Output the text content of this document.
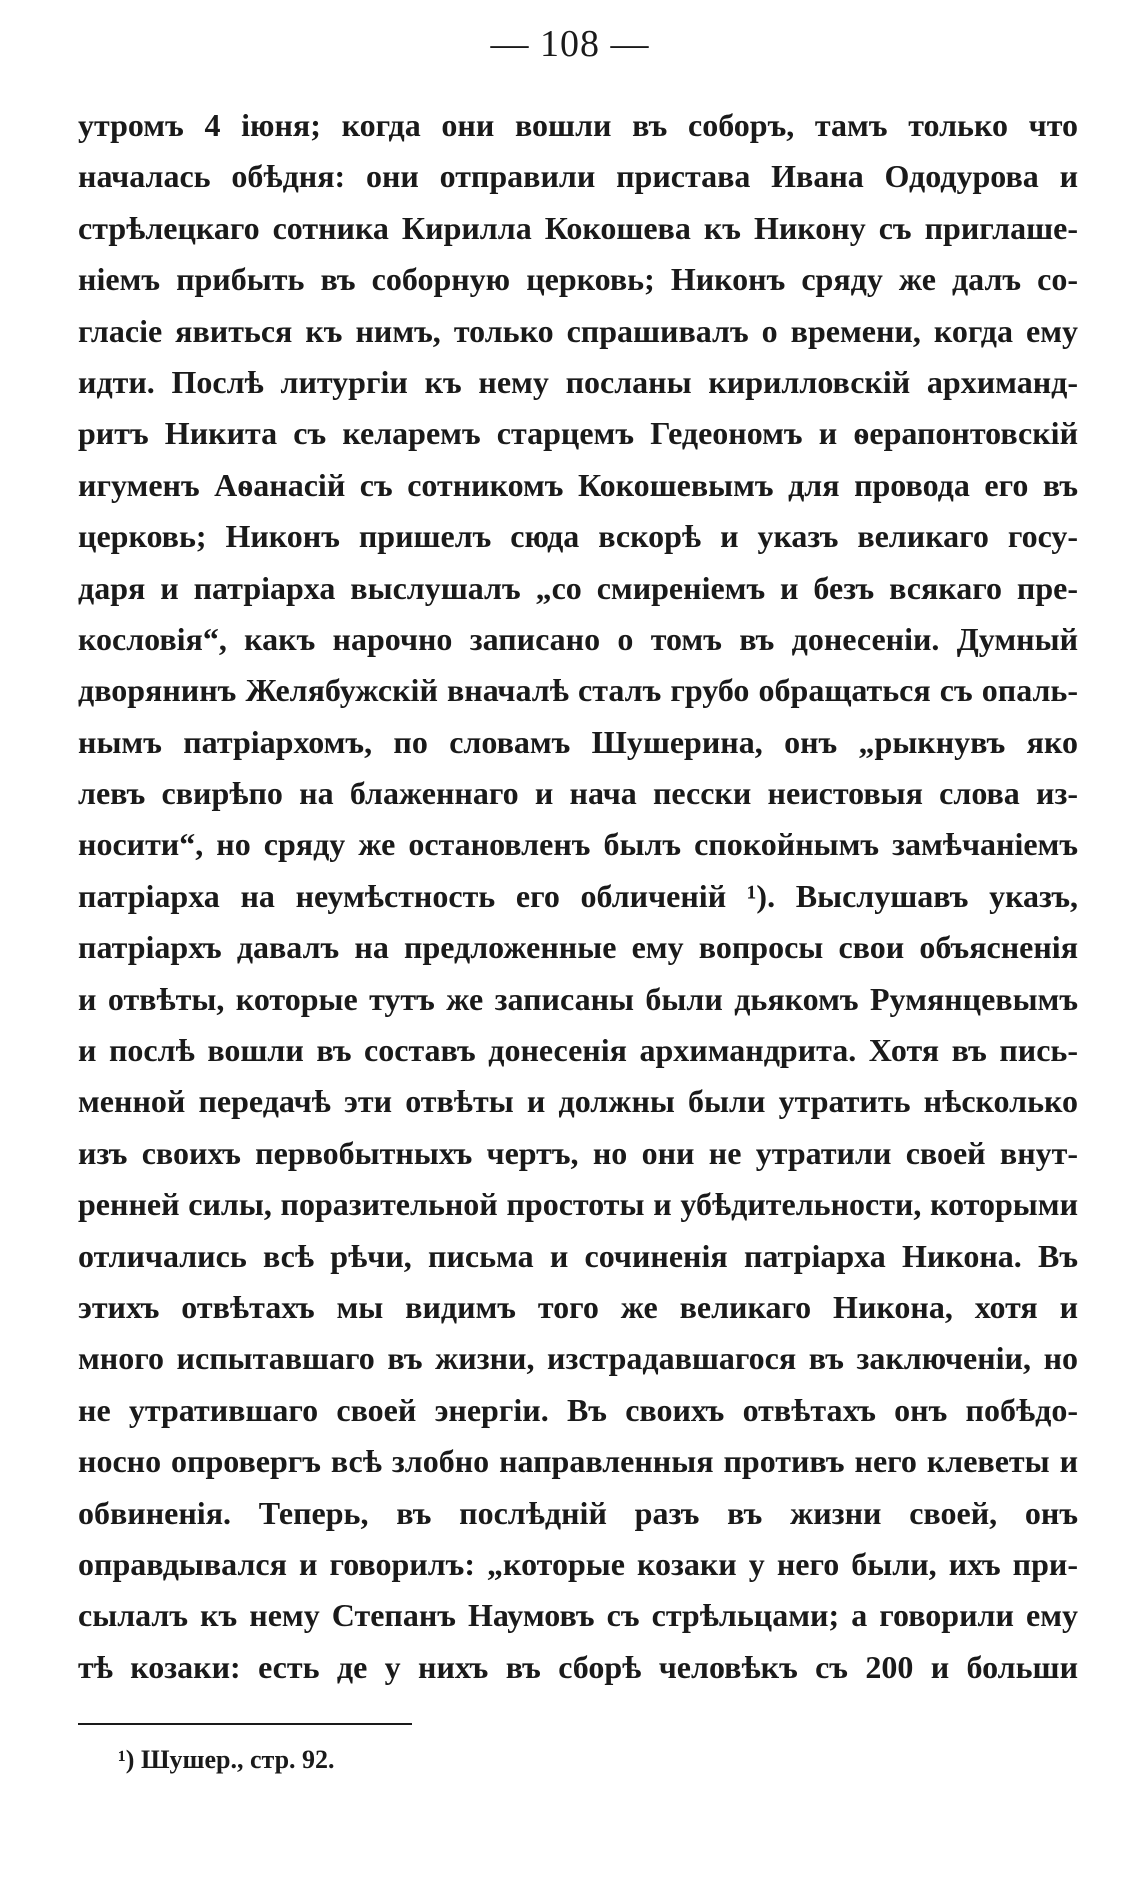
— 108 —
утромъ 4 іюня; когда они вошли въ соборъ, тамъ только что
началась обѣдня: они отправили пристава Ивана Ододурова и
стрѣлецкаго сотника Кирилла Кокошева къ Никону съ приглаше-
ніемъ прибыть въ соборную церковь; Никонъ сряду же далъ со-
гласіе явиться къ нимъ, только спрашивалъ о времени, когда ему
идти. Послѣ литургіи къ нему посланы кирилловскій архиманд-
ритъ Никита съ келаремъ старцемъ Гедеономъ и ѳерапонтовскій
игуменъ Аѳанасій съ сотникомъ Кокошевымъ для провода его въ
церковь; Никонъ пришелъ сюда вскорѣ и указъ великаго госу-
даря и патріарха выслушалъ „со смиреніемъ и безъ всякаго пре-
кословія“, какъ нарочно записано о томъ въ донесеніи. Думный
дворянинъ Желябужскій вначалѣ сталъ грубо обращаться съ опаль-
нымъ патріархомъ, по словамъ Шушерина, онъ „рыкнувъ яко
левъ свирѣпо на блаженнаго и нача песски неистовыя слова из-
носити“, но сряду же остановленъ былъ спокойнымъ замѣчаніемъ
патріарха на неумѣстность его обличеній ¹). Выслушавъ указъ,
патріархъ давалъ на предложенные ему вопросы свои объясненія
и отвѣты, которые тутъ же записаны были дьякомъ Румянцевымъ
и послѣ вошли въ составъ донесенія архимандрита. Хотя въ пись-
менной передачѣ эти отвѣты и должны были утратить нѣсколько
изъ своихъ первобытныхъ чертъ, но они не утратили своей внут-
ренней силы, поразительной простоты и убѣдительности, которыми
отличались всѣ рѣчи, письма и сочиненія патріарха Никона. Въ
этихъ отвѣтахъ мы видимъ того же великаго Никона, хотя и
много испытавшаго въ жизни, изстрадавшагося въ заключеніи, но
не утратившаго своей энергіи. Въ своихъ отвѣтахъ онъ побѣдо-
носно опровергъ всѣ злобно направленныя противъ него клеветы и
обвиненія. Теперь, въ послѣдній разъ въ жизни своей, онъ
оправдывался и говорилъ: „которые козаки у него были, ихъ при-
сылалъ къ нему Степанъ Наумовъ съ стрѣльцами; а говорили ему
тѣ козаки: есть де у нихъ въ сборѣ человѣкъ съ 200 и больши
¹) Шушер., стр. 92.
